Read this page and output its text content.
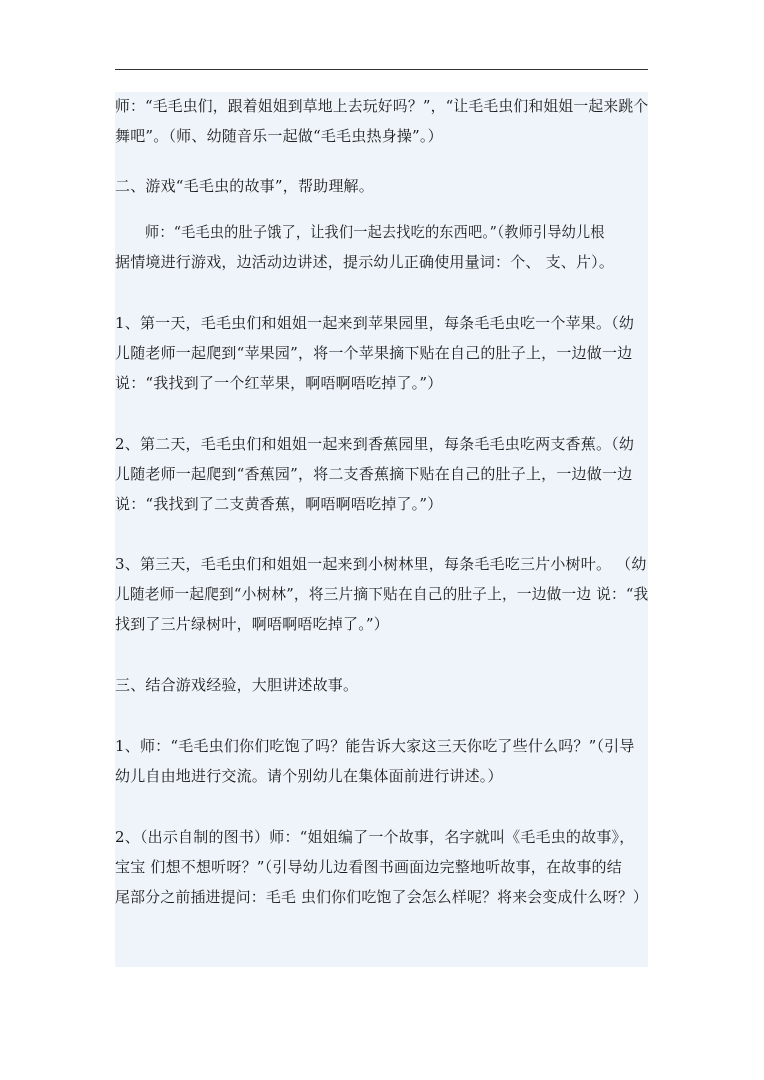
师：“毛毛虫们，跟着姐姐到草地上去玩好吗？”，“让毛毛虫们和姐姐一起来跳个
舞吧”。（师、幼随音乐一起做“毛毛虫热身操”。）
二、游戏“毛毛虫的故事”，帮助理解。
师：“毛毛虫的肚子饿了，让我们一起去找吃的东西吧。”（教师引导幼儿根
据情境进行游戏，边活动边讲述，提示幼儿正确使用量词：个、 支、片）。
1、第一天，毛毛虫们和姐姐一起来到苹果园里，每条毛毛虫吃一个苹果。（幼
儿随老师一起爬到“苹果园”，将一个苹果摘下贴在自己的肚子上，一边做一边
说：“我找到了一个红苹果，啊唔啊唔吃掉了。”）
2、第二天，毛毛虫们和姐姐一起来到香蕉园里，每条毛毛虫吃两支香蕉。（幼
儿随老师一起爬到“香蕉园”，将二支香蕉摘下贴在自己的肚子上，一边做一边
说：“我找到了二支黄香蕉，啊唔啊唔吃掉了。”）
3、第三天，毛毛虫们和姐姐一起来到小树林里，每条毛毛吃三片小树叶。 （幼
儿随老师一起爬到“小树林”，将三片摘下贴在自己的肚子上，一边做一边 说：“我
找到了三片绿树叶，啊唔啊唔吃掉了。”）
三、结合游戏经验，大胆讲述故事。
1、师：“毛毛虫们你们吃饱了吗？能告诉大家这三天你吃了些什么吗？”（引导
幼儿自由地进行交流。请个别幼儿在集体面前进行讲述。）
2、（出示自制的图书）师：“姐姐编了一个故事，名字就叫《毛毛虫的故事》，
宝宝 们想不想听呀？”（引导幼儿边看图书画面边完整地听故事，在故事的结
尾部分之前插进提问：毛毛 虫们你们吃饱了会怎么样呢？将来会变成什么呀？）
